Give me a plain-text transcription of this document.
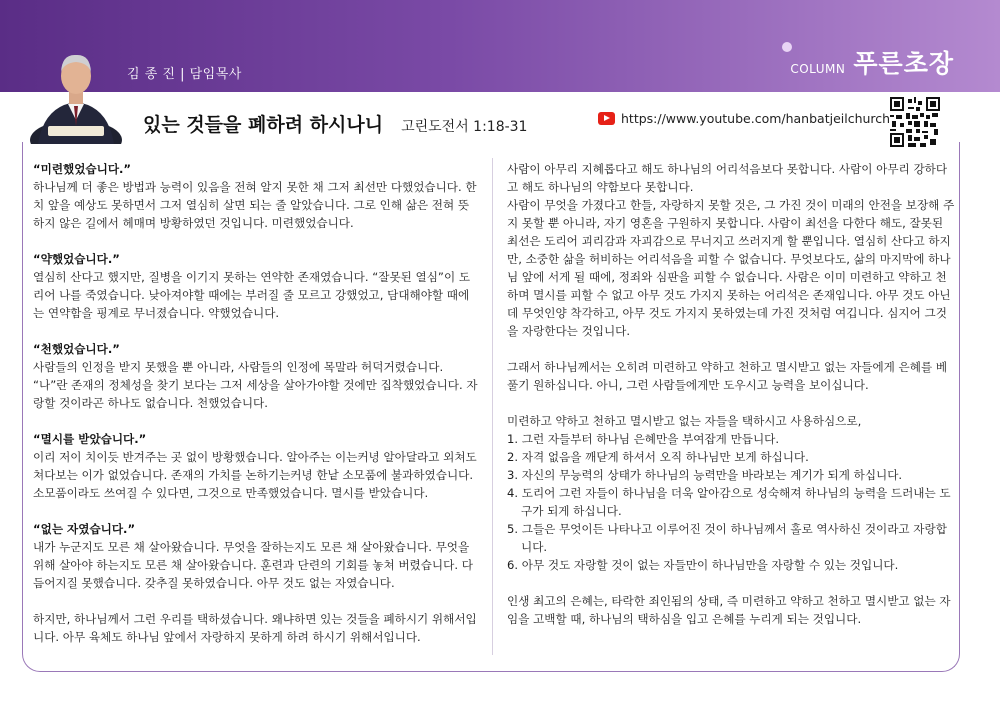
김 종 진 | 담임목사	COLUMN 푸른초장
있는 것들을 폐하려 하시나니 고린도전서 1:18-31
https://www.youtube.com/hanbatjeilchurch
“미련했었습니다.”

하나님께 더 좋은 방법과 능력이 있음을 전혀 알지 못한 채 그저 최선만 다했었습니다. 한치 앞을 예상도 못하면서 그저 열심히 살면 되는 줄 알았습니다. 그로 인해 삶은 전혀 뜻하지 않은 길에서 헤매며 방황하였던 것입니다. 미련했었습니다.

“약했었습니다.”

열심히 산다고 했지만, 질병을 이기지 못하는 연약한 존재였습니다. “잘못된 열심”이 도리어 나를 죽였습니다. 낮아져야할 때에는 부러질 줄 모르고 강했었고, 담대해야할 때에는 연약함을 핑계로 무너졌습니다. 약했었습니다.

“천했었습니다.”

사람들의 인정을 받지 못했을 뿐 아니라, 사람들의 인정에 목말라 허덕거렸습니다. “나”란 존재의 정체성을 찾기 보다는 그저 세상을 살아가야할 것에만 집착했었습니다. 자랑할 것이라곤 하나도 없습니다. 천했었습니다.

“멸시를 받았습니다.”

이리 저이 치이듯 반겨주는 곳 없이 방황했습니다. 알아주는 이는커녕 알아달라고 외쳐도 쳐다보는 이가 없었습니다. 존재의 가치를 논하기는커녕 한낱 소모품에 불과하였습니다. 소모품이라도 쓰여질 수 있다면, 그것으로 만족했었습니다. 멸시를 받았습니다.

“없는 자였습니다.”

내가 누군지도 모른 채 살아왔습니다. 무엇을 잘하는지도 모른 채 살아왔습니다. 무엇을 위해 살아야 하는지도 모른 채 살아왔습니다. 훈련과 단련의 기회를 놓쳐 버렸습니다. 다듬어지질 못했습니다. 갖추질 못하였습니다. 아무 것도 없는 자였습니다.

하지만, 하나님께서 그런 우리를 택하셨습니다. 왜냐하면 있는 것들을 폐하시기 위해서입니다. 아무 육체도 하나님 앞에서 자랑하지 못하게 하려 하시기 위해서입니다.

사람이 아무리 지혜롭다고 해도 하나님의 어리석음보다 못합니다. 사람이 아무리 강하다고 해도 하나님의 약함보다 못합니다.

사람이 무엇을 가졌다고 한들, 자랑하지 못할 것은, 그 가진 것이 미래의 안전을 보장해 주지 못할 뿐 아니라, 자기 영혼을 구원하지 못합니다. 사람이 최선을 다한다 해도, 잘못된 최선은 도리어 괴리감과 자괴감으로 무너지고 쓰러지게 할 뿐입니다. 열심히 산다고 하지만, 소중한 삶을 허비하는 어리석음을 피할 수 없습니다. 무엇보다도, 삶의 마지막에 하나님 앞에 서게 될 때에, 정죄와 심판을 피할 수 없습니다. 사람은 이미 미련하고 약하고 천하며 멸시를 피할 수 없고 아무 것도 가지지 못하는 어리석은 존재입니다. 아무 것도 아닌데 무엇인양 착각하고, 아무 것도 가지지 못하였는데 가진 것처럼 여깁니다. 심지어 그것을 자랑한다는 것입니다.

그래서 하나님께서는 오히려 미련하고 약하고 천하고 멸시받고 없는 자들에게 은혜를 베풀기 원하십니다. 아니, 그런 사람들에게만 도우시고 능력을 보이십니다.

미련하고 약하고 천하고 멸시받고 없는 자들을 택하시고 사용하심으로,

1. 그런 자들부터 하나님 은혜만을 부여잡게 만듭니다.
2. 자격 없음을 깨닫게 하셔서 오직 하나님만 보게 하십니다.
3. 자신의 무능력의 상태가 하나님의 능력만을 바라보는 계기가 되게 하십니다.
4. 도리어 그런 자들이 하나님을 더욱 알아감으로 성숙해져 하나님의 능력을 드러내는 도구가 되게 하십니다.
5. 그들은 무엇이든 나타나고 이루어진 것이 하나님께서 홀로 역사하신 것이라고 자랑합니다.
6. 아무 것도 자랑할 것이 없는 자들만이 하나님만을 자랑할 수 있는 것입니다.

인생 최고의 은혜는, 타락한 죄인됨의 상태, 즉 미련하고 약하고 천하고 멸시받고 없는 자임을 고백할 때, 하나님의 택하심을 입고 은혜를 누리게 되는 것입니다.
